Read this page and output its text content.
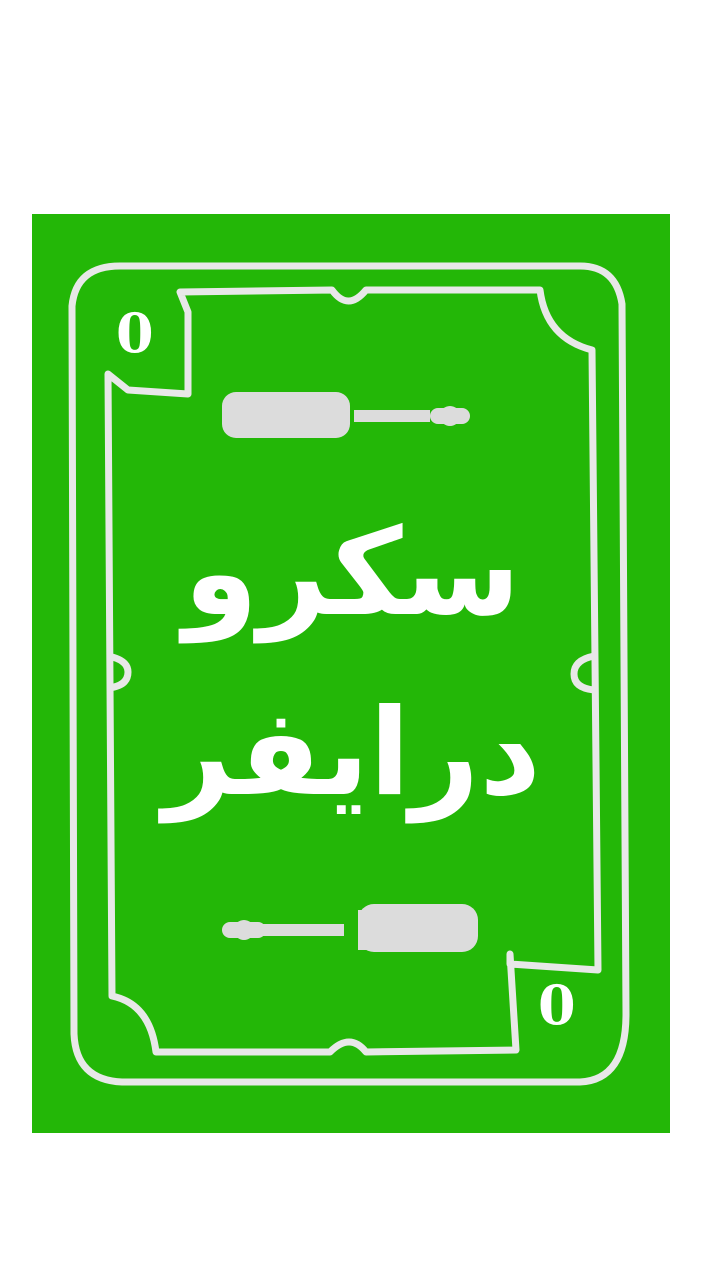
0
0
سکرو
درایفر
